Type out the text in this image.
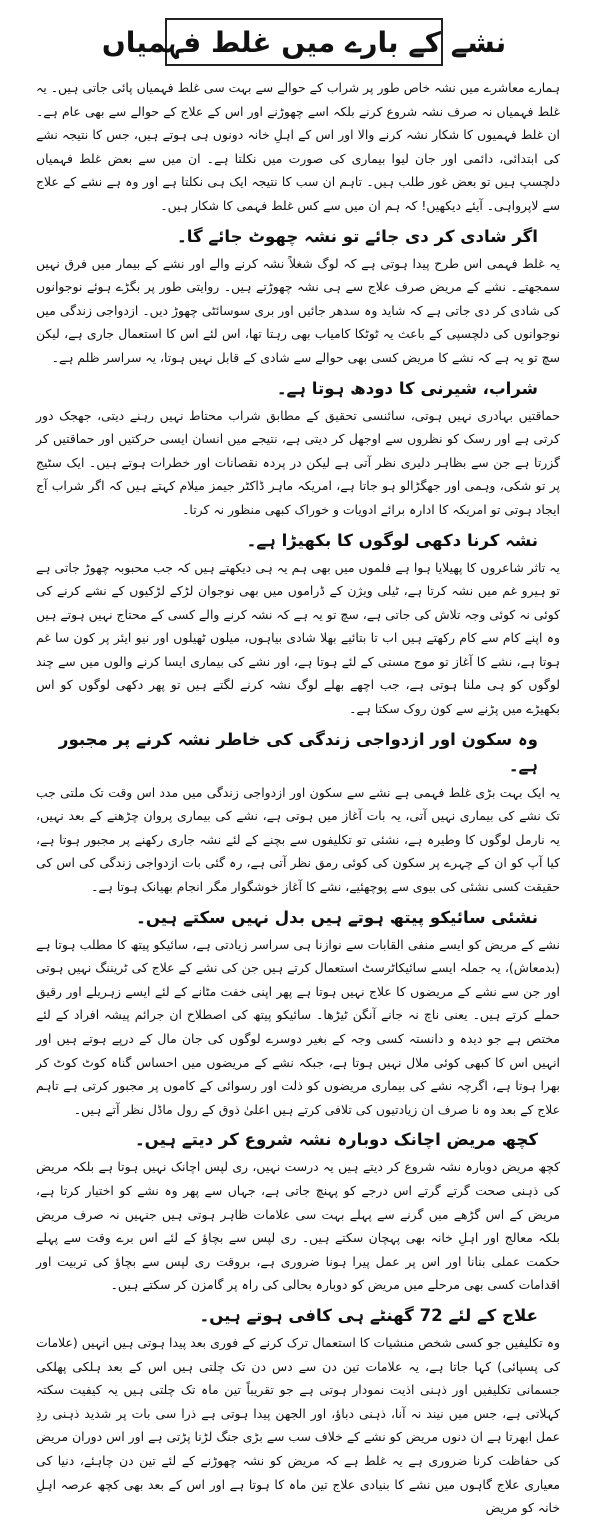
نشے کے بارے میں غلط فہمیاں

ہمارے معاشرے میں نشہ خاص طور پر شراب کے حوالے سے بہت سی غلط فہمیاں پائی جاتی ہیں۔ یہ غلط فہمیاں نہ صرف نشہ شروع کرنے بلکہ اسے چھوڑنے اور اس کے علاج کے حوالے سے بھی عام ہے۔ ان غلط فہمیوں کا شکار نشہ کرنے والا اور اس کے اہلِ خانہ دونوں ہی ہوتے ہیں، جس کا نتیجہ نشے کی ابتدائی، دائمی اور جان لیوا بیماری کی صورت میں نکلتا ہے۔ ان میں سے بعض غلط فہمیاں دلچسپ ہیں تو بعض غور طلب ہیں۔ تاہم ان سب کا نتیجہ ایک ہی نکلتا ہے اور وہ ہے نشے کے علاج سے لاپرواہی۔ آیئے دیکھیں! کہ ہم ان میں سے کس غلط فہمی کا شکار ہیں۔

اگر شادی کر دی جائے تو نشہ چھوٹ جائے گا۔

یہ غلط فہمی اس طرح پیدا ہوتی ہے کہ لوگ شغلاً نشہ کرنے والے اور نشے کے بیمار میں فرق نہیں سمجھتے۔ نشے کے مریض صرف علاج سے ہی نشہ چھوڑتے ہیں۔ روایتی طور پر بگڑے ہوئے نوجوانوں کی شادی کر دی جاتی ہے کہ شاید وہ سدھر جائیں اور بری سوسائٹی چھوڑ دیں۔ ازدواجی زندگی میں نوجوانوں کی دلچسپی کے باعث یہ ٹوٹکا کامیاب بھی رہتا تھا، اس لئے اس کا استعمال جاری ہے، لیکن سچ تو یہ ہے کہ نشے کا مریض کسی بھی حوالے سے شادی کے قابل نہیں ہوتا، یہ سراسر ظلم ہے۔

شراب، شیرنی کا دودھ ہوتا ہے۔

حماقتیں بہادری نہیں ہوتی، سائنسی تحقیق کے مطابق شراب محتاط نہیں رہنے دیتی، جھجک دور کرتی ہے اور رسک کو نظروں سے اوجھل کر دیتی ہے، نتیجے میں انسان ایسی حرکتیں اور حماقتیں کر گزرتا ہے جن سے بظاہر دلیری نظر آتی ہے لیکن در پردہ نقصانات اور خطرات ہوتے ہیں۔ ایک سٹیج پر تو شکی، وہمی اور جھگڑالو ہو جاتا ہے، امریکہ ماہر ڈاکٹر جیمز میلام کہتے ہیں کہ اگر شراب آج ایجاد ہوتی تو امریکہ کا ادارہ برائے ادویات و خوراک کبھی منظور نہ کرتا۔

نشہ کرنا دکھی لوگوں کا بکھیڑا ہے۔

یہ تاثر شاعروں کا پھیلایا ہوا ہے فلموں میں بھی ہم یہ ہی دیکھتے ہیں کہ جب محبوبہ چھوڑ جاتی ہے تو ہیرو غم میں نشہ کرتا ہے، ٹیلی ویژن کے ڈراموں میں بھی نوجوان لڑکے لڑکیوں کے نشے کرنے کی کوئی نہ کوئی وجہ تلاش کی جاتی ہے، سچ تو یہ ہے کہ نشہ کرنے والے کسی کے محتاج نہیں ہوتے ہیں وہ اپنے کام سے کام رکھتے ہیں اب تا بتائیے بھلا شادی بیاہوں، میلوں ٹھیلوں اور نیو ایئر پر کون سا غم ہوتا ہے، نشے کا آغاز تو موج مستی کے لئے ہوتا ہے، اور نشے کی بیماری ایسا کرنے والوں میں سے چند لوگوں کو ہی ملنا ہوتی ہے، جب اچھے بھلے لوگ نشہ کرنے لگتے ہیں تو پھر دکھی لوگوں کو اس بکھیڑے میں پڑنے سے کون روک سکتا ہے۔

وہ سکون اور ازدواجی زندگی کی خاطر نشہ کرنے پر مجبور ہے۔

یہ ایک بہت بڑی غلط فہمی ہے نشے سے سکون اور ازدواجی زندگی میں مدد اس وقت تک ملتی جب تک نشے کی بیماری نہیں آتی، یہ بات آغاز میں ہوتی ہے، نشے کی بیماری پروان چڑھنے کے بعد نہیں، یہ نارمل لوگوں کا وطیرہ ہے، نشئی تو تکلیفوں سے بچنے کے لئے نشہ جاری رکھنے پر مجبور ہوتا ہے، کیا آپ کو ان کے چہرے پر سکون کی کوئی رمق نظر آتی ہے، رہ گئی بات ازدواجی زندگی کی اس کی حقیقت کسی نشئی کی بیوی سے پوچھئیے، نشے کا آغاز خوشگوار مگر انجام بھیانک ہوتا ہے۔

نشئی سائیکو پیتھ ہوتے ہیں بدل نہیں سکتے ہیں۔

نشے کے مریض کو ایسے منفی القابات سے نوازنا ہی سراسر زیادتی ہے، سائیکو پیتھ کا مطلب ہوتا ہے (بدمعاش)، یہ جملہ ایسے سائیکاٹرسٹ استعمال کرتے ہیں جن کی نشے کے علاج کی ٹریننگ نہیں ہوتی اور جن سے نشے کے مریضوں کا علاج نہیں ہوتا ہے پھر اپنی خفت مٹانے کے لئے ایسے زہریلے اور رقیق حملے کرتے ہیں۔ یعنی ناچ نہ جانے آنگن ٹیڑھا۔ سائیکو پیتھ کی اصطلاح ان جرائم پیشہ افراد کے لئے مختص ہے جو دیدہ و دانستہ کسی وجہ کے بغیر دوسرے لوگوں کی جان مال کے درپے ہوتے ہیں اور انہیں اس کا کبھی کوئی ملال نہیں ہوتا ہے، جبکہ نشے کے مریضوں میں احساس گناہ کوٹ کوٹ کر بھرا ہوتا ہے، اگرچہ نشے کی بیماری مریضوں کو ذلت اور رسوائی کے کاموں پر مجبور کرتی ہے تاہم علاج کے بعد وہ نا صرف ان زیادتیوں کی تلافی کرتے ہیں اعلیٰ ذوق کے رول ماڈل نظر آتے ہیں۔

کچھ مریض اچانک دوبارہ نشہ شروع کر دیتے ہیں۔

کچھ مریض دوبارہ نشہ شروع کر دیتے ہیں یہ درست نہیں، ری لپس اچانک نہیں ہوتا ہے بلکہ مریض کی ذہنی صحت گرتے گرتے اس درجے کو پہنچ جاتی ہے، جہاں سے پھر وہ نشے کو اختیار کرتا ہے، مریض کے اس گڑھے میں گرنے سے پہلے بہت سی علامات ظاہر ہوتی ہیں جنہیں نہ صرف مریض بلکہ معالج اور اہلِ خانہ بھی پہچان سکتے ہیں۔ ری لپس سے بچاؤ کے لئے اس برے وقت سے پہلے حکمت عملی بنانا اور اس پر عمل پیرا ہونا ضروری ہے، بروقت ری لپس سے بچاؤ کی تربیت اور اقدامات کسی بھی مرحلے میں مریض کو دوبارہ بحالی کی راہ پر گامزن کر سکتے ہیں۔

علاج کے لئے 72 گھنٹے ہی کافی ہوتے ہیں۔

وہ تکلیفیں جو کسی شخص منشیات کا استعمال ترک کرنے کے فوری بعد پیدا ہوتی ہیں انہیں (علامات کی پسپائی) کہا جاتا ہے، یہ علامات تین دن سے دس دن تک چلتی ہیں اس کے بعد ہلکی پھلکی جسمانی تکلیفیں اور ذہنی اذیت نمودار ہوتی ہے جو تقریباً تین ماہ تک چلتی ہیں یہ کیفیت سکتہ کہلاتی ہے، جس میں نیند نہ آنا، ذہنی دباؤ، اور الجھن پیدا ہوتی ہے ذرا سی بات پر شدید ذہنی ردِ عمل ابھرتا ہے ان دنوں مریض کو نشے کے خلاف سب سے بڑی جنگ لڑنا پڑتی ہے اور اس دوران مریض کی حفاظت کرنا ضروری ہے یہ غلط ہے کہ مریض کو نشہ چھوڑنے کے لئے تین دن چاہئے، دنیا کی معیاری علاج گاہوں میں نشے کا بنیادی علاج تین ماہ کا ہوتا ہے اور اس کے بعد بھی کچھ عرصہ اہلِ خانہ کو مریض
